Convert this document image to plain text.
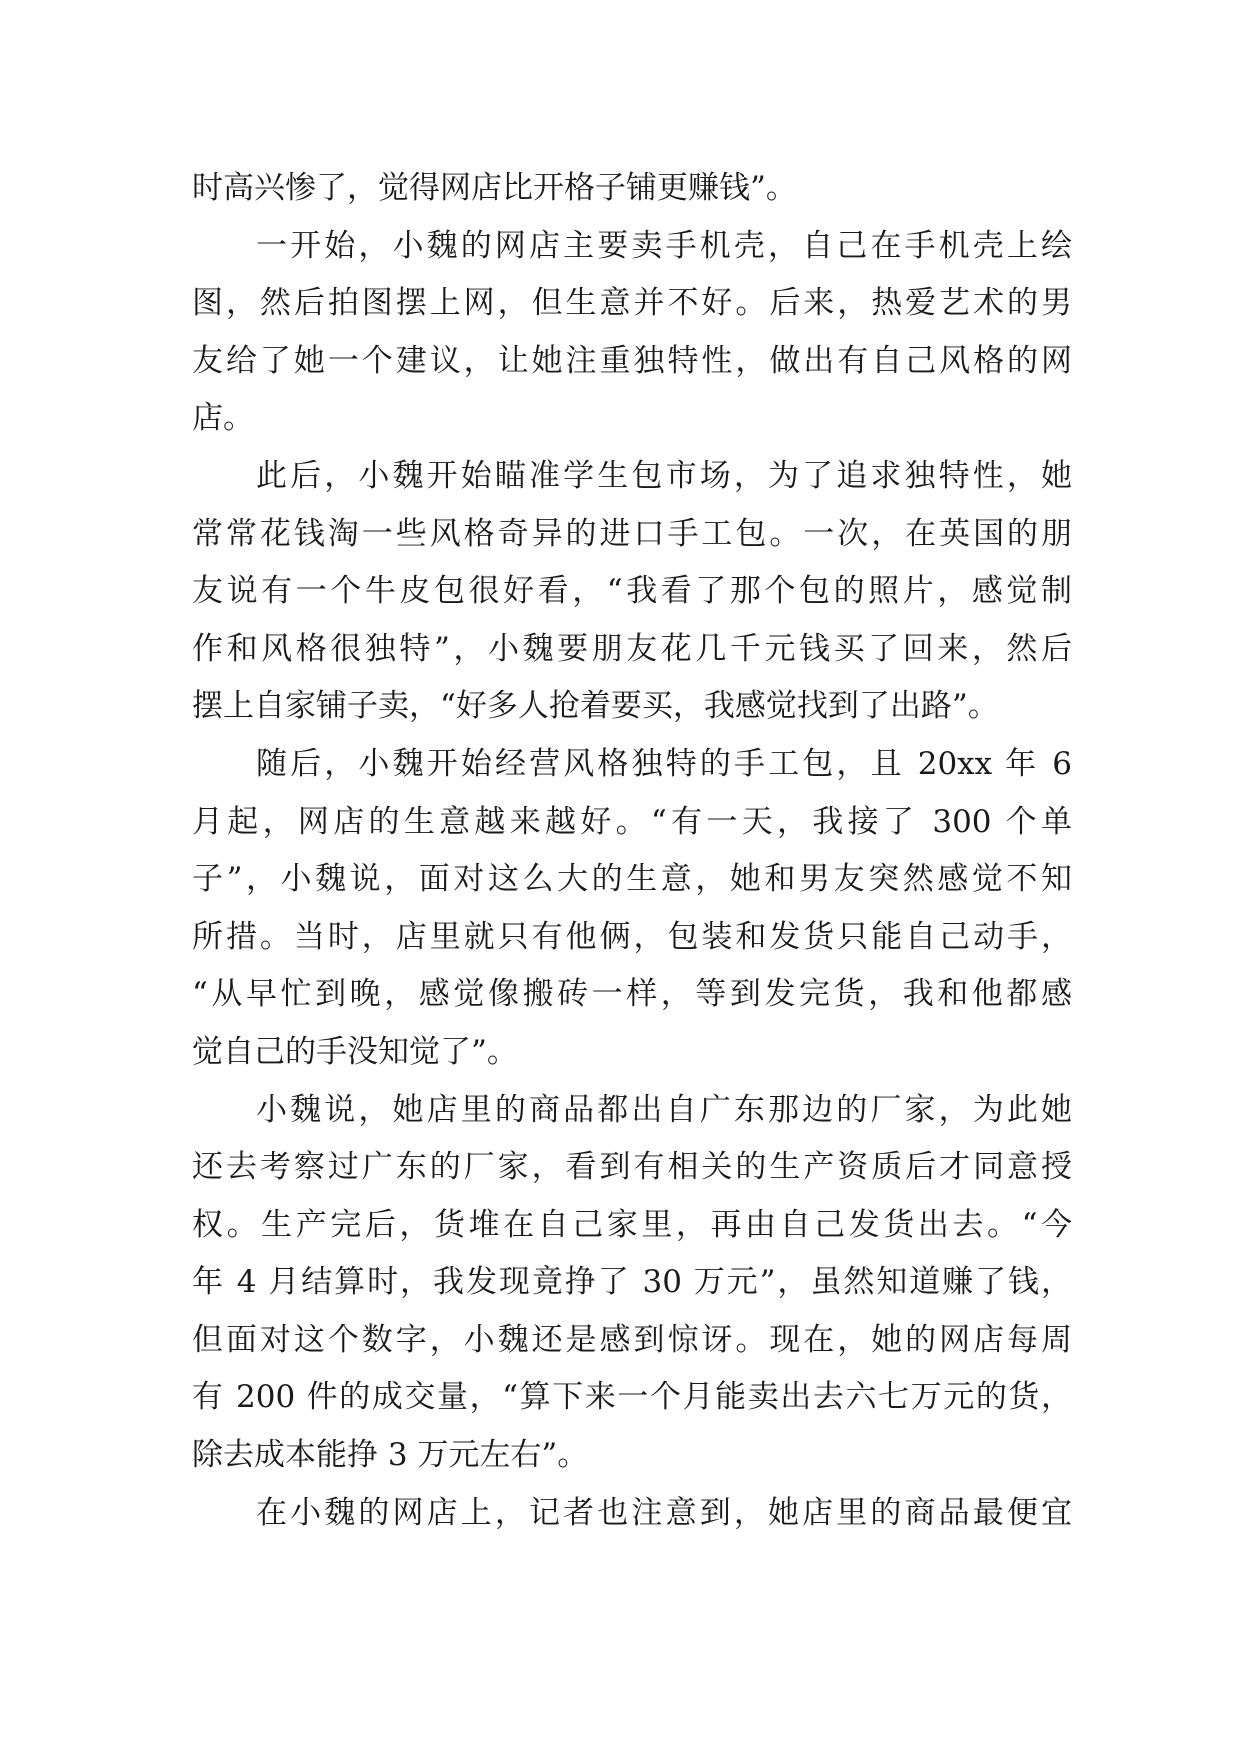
时高兴惨了，觉得网店比开格子铺更赚钱”。
一开始，小魏的网店主要卖手机壳，自己在手机壳上绘
图，然后拍图摆上网，但生意并不好。后来，热爱艺术的男
友给了她一个建议，让她注重独特性，做出有自己风格的网
店。
此后，小魏开始瞄准学生包市场，为了追求独特性，她
常常花钱淘一些风格奇异的进口手工包。一次，在英国的朋
友说有一个牛皮包很好看，“我看了那个包的照片，感觉制
作和风格很独特”，小魏要朋友花几千元钱买了回来，然后
摆上自家铺子卖，“好多人抢着要买，我感觉找到了出路”。
随后，小魏开始经营风格独特的手工包，且 20xx 年 6
月起，网店的生意越来越好。“有一天，我接了 300 个单
子”，小魏说，面对这么大的生意，她和男友突然感觉不知
所措。当时，店里就只有他俩，包装和发货只能自己动手，
“从早忙到晚，感觉像搬砖一样，等到发完货，我和他都感
觉自己的手没知觉了”。
小魏说，她店里的商品都出自广东那边的厂家，为此她
还去考察过广东的厂家，看到有相关的生产资质后才同意授
权。生产完后，货堆在自己家里，再由自己发货出去。“今
年 4 月结算时，我发现竟挣了 30 万元”，虽然知道赚了钱，
但面对这个数字，小魏还是感到惊讶。现在，她的网店每周
有 200 件的成交量，“算下来一个月能卖出去六七万元的货，
除去成本能挣 3 万元左右”。
在小魏的网店上，记者也注意到，她店里的商品最便宜
